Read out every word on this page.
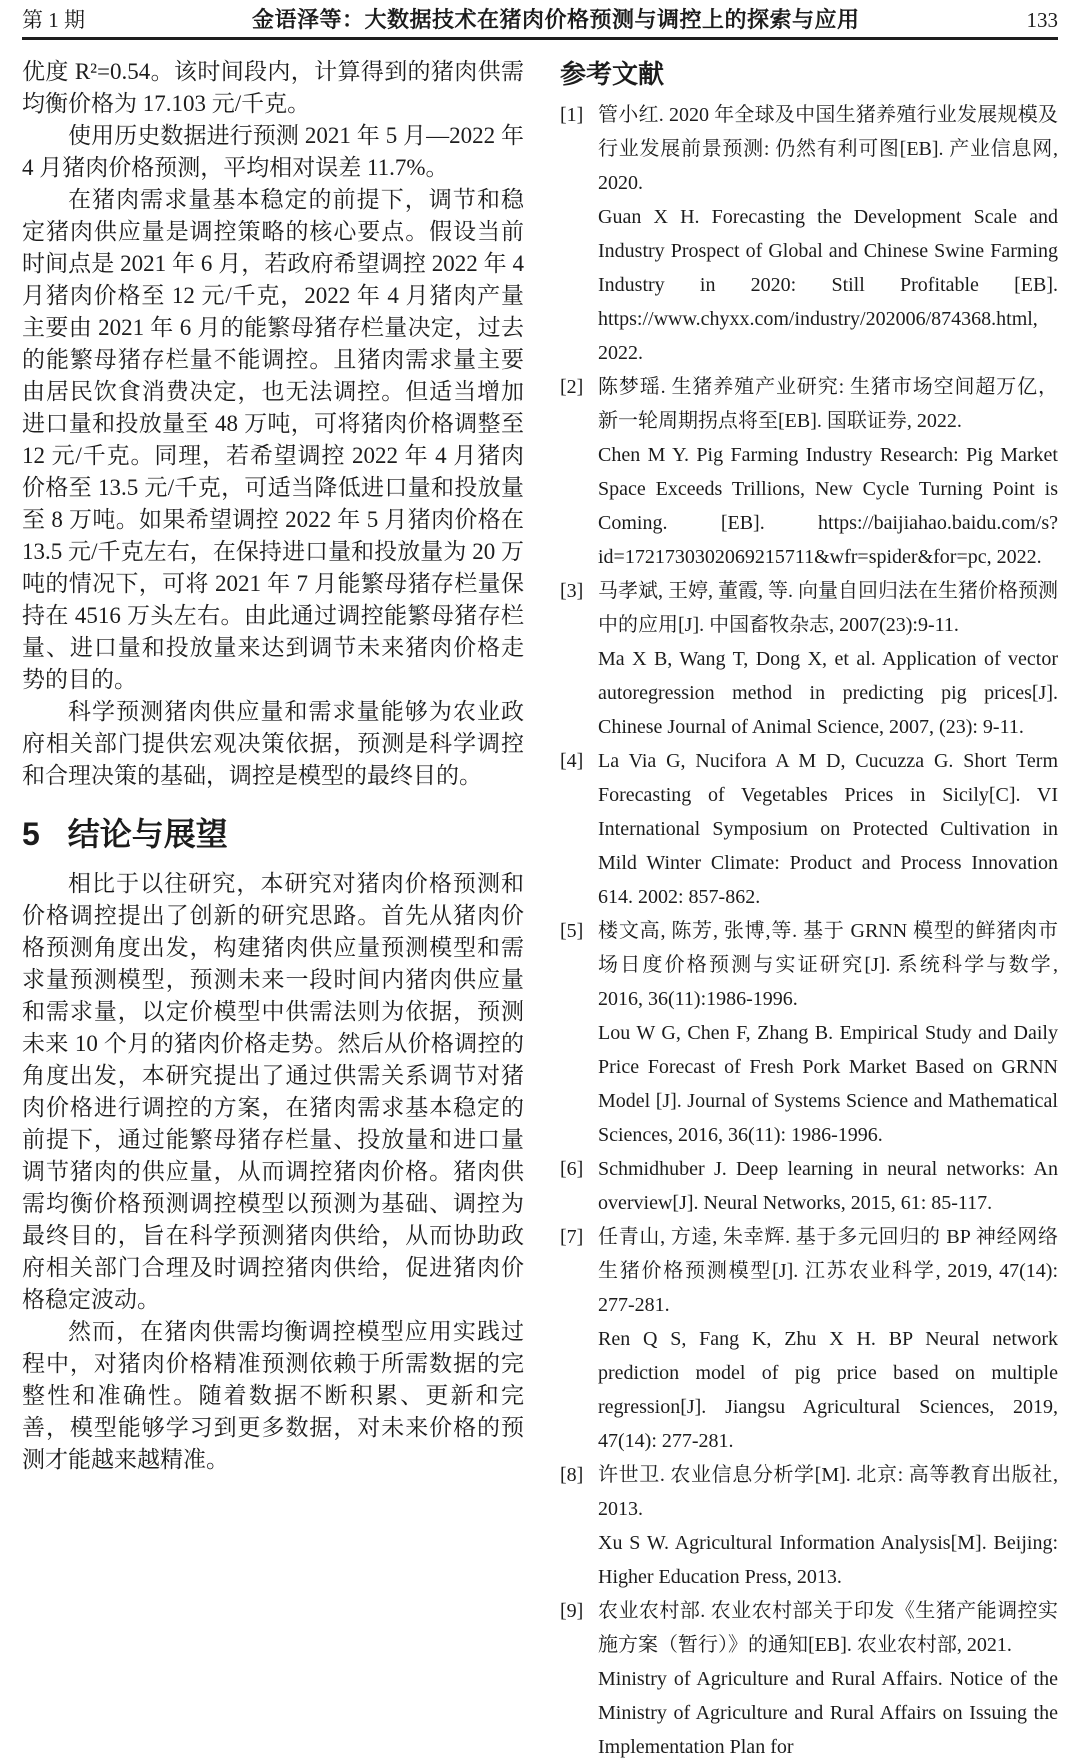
第 1 期	金语泽等：大数据技术在猪肉价格预测与调控上的探索与应用	133

优度 R²=0.54。该时间段内，计算得到的猪肉供需均衡价格为 17.103 元/千克。

使用历史数据进行预测 2021 年 5 月—2022 年 4 月猪肉价格预测，平均相对误差 11.7%。

在猪肉需求量基本稳定的前提下，调节和稳定猪肉供应量是调控策略的核心要点。假设当前时间点是 2021 年 6 月，若政府希望调控 2022 年 4 月猪肉价格至 12 元/千克，2022 年 4 月猪肉产量主要由 2021 年 6 月的能繁母猪存栏量决定，过去的能繁母猪存栏量不能调控。且猪肉需求量主要由居民饮食消费决定，也无法调控。但适当增加进口量和投放量至 48 万吨，可将猪肉价格调整至 12 元/千克。同理，若希望调控 2022 年 4 月猪肉价格至 13.5 元/千克，可适当降低进口量和投放量至 8 万吨。如果希望调控 2022 年 5 月猪肉价格在 13.5 元/千克左右，在保持进口量和投放量为 20 万吨的情况下，可将 2021 年 7 月能繁母猪存栏量保持在 4516 万头左右。由此通过调控能繁母猪存栏量、进口量和投放量来达到调节未来猪肉价格走势的目的。

科学预测猪肉供应量和需求量能够为农业政府相关部门提供宏观决策依据，预测是科学调控和合理决策的基础，调控是模型的最终目的。

5 结论与展望

相比于以往研究，本研究对猪肉价格预测和价格调控提出了创新的研究思路。首先从猪肉价格预测角度出发，构建猪肉供应量预测模型和需求量预测模型，预测未来一段时间内猪肉供应量和需求量，以定价模型中供需法则为依据，预测未来 10 个月的猪肉价格走势。然后从价格调控的角度出发，本研究提出了通过供需关系调节对猪肉价格进行调控的方案，在猪肉需求基本稳定的前提下，通过能繁母猪存栏量、投放量和进口量调节猪肉的供应量，从而调控猪肉价格。猪肉供需均衡价格预测调控模型以预测为基础、调控为最终目的，旨在科学预测猪肉供给，从而协助政府相关部门合理及时调控猪肉供给，促进猪肉价格稳定波动。

然而，在猪肉供需均衡调控模型应用实践过程中，对猪肉价格精准预测依赖于所需数据的完整性和准确性。随着数据不断积累、更新和完善，模型能够学习到更多数据，对未来价格的预测才能越来越精准。

参考文献
[1] 管小红. 2020 年全球及中国生猪养殖行业发展规模及行业发展前景预测: 仍然有利可图[EB]. 产业信息网, 2020.
Guan X H. Forecasting the Development Scale and Industry Prospect of Global and Chinese Swine Farming Industry in 2020: Still Profitable [EB]. https://www.chyxx.com/industry/202006/874368.html, 2022.
[2] 陈梦瑶. 生猪养殖产业研究: 生猪市场空间超万亿，新一轮周期拐点将至[EB]. 国联证券, 2022.
Chen M Y. Pig Farming Industry Research: Pig Market Space Exceeds Trillions, New Cycle Turning Point is Coming. [EB]. https://baijiahao.baidu.com/s?id=1721730302069215711&wfr=spider&for=pc, 2022.
[3] 马孝斌, 王婷, 董霞, 等. 向量自回归法在生猪价格预测中的应用[J]. 中国畜牧杂志, 2007(23):9-11.
Ma X B, Wang T, Dong X, et al. Application of vector autoregression method in predicting pig prices[J]. Chinese Journal of Animal Science, 2007, (23): 9-11.
[4] La Via G, Nucifora A M D, Cucuzza G. Short Term Forecasting of Vegetables Prices in Sicily[C]. VI International Symposium on Protected Cultivation in Mild Winter Climate: Product and Process Innovation 614. 2002: 857-862.
[5] 楼文高, 陈芳, 张博,等. 基于 GRNN 模型的鲜猪肉市场日度价格预测与实证研究[J]. 系统科学与数学, 2016, 36(11):1986-1996.
Lou W G, Chen F, Zhang B. Empirical Study and Daily Price Forecast of Fresh Pork Market Based on GRNN Model [J]. Journal of Systems Science and Mathematical Sciences, 2016, 36(11): 1986-1996.
[6] Schmidhuber J. Deep learning in neural networks: An overview[J]. Neural Networks, 2015, 61: 85-117.
[7] 任青山, 方逵, 朱幸辉. 基于多元回归的 BP 神经网络生猪价格预测模型[J]. 江苏农业科学, 2019, 47(14): 277-281.
Ren Q S, Fang K, Zhu X H. BP Neural network prediction model of pig price based on multiple regression[J]. Jiangsu Agricultural Sciences, 2019, 47(14): 277-281.
[8] 许世卫. 农业信息分析学[M]. 北京: 高等教育出版社, 2013.
Xu S W. Agricultural Information Analysis[M]. Beijing: Higher Education Press, 2013.
[9] 农业农村部. 农业农村部关于印发《生猪产能调控实施方案（暂行）》的通知[EB]. 农业农村部, 2021.
Ministry of Agriculture and Rural Affairs. Notice of the Ministry of Agriculture and Rural Affairs on Issuing the Implementation Plan for
